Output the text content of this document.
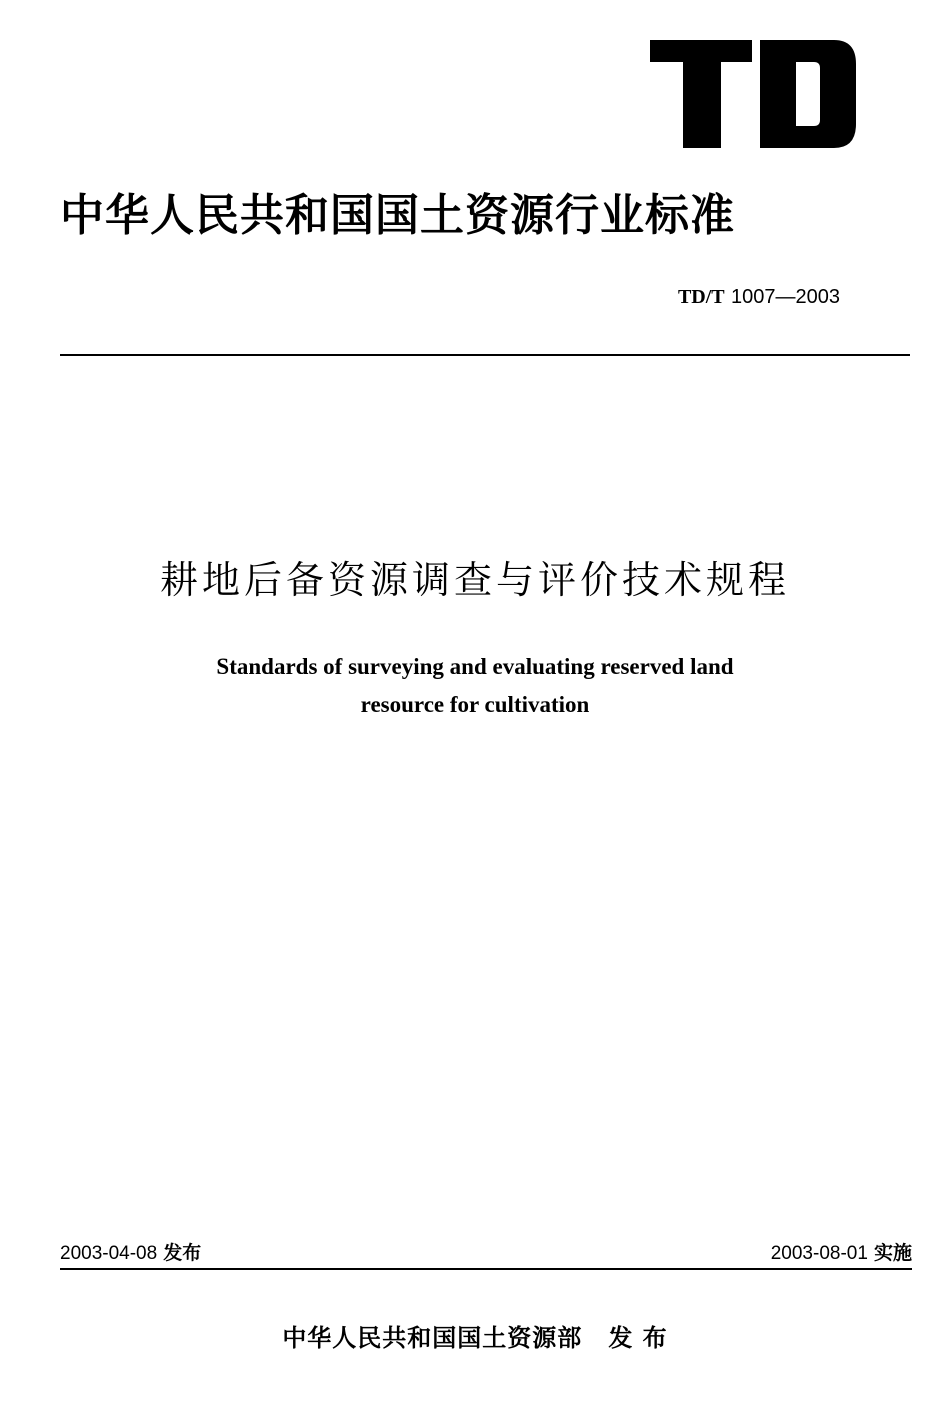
中华人民共和国国土资源行业标准
TD/T 1007—2003
耕地后备资源调查与评价技术规程
Standards of surveying and evaluating reserved land
resource for cultivation
2003-04-08 发布	2003-08-01 实施
中华人民共和国国土资源部 发 布
